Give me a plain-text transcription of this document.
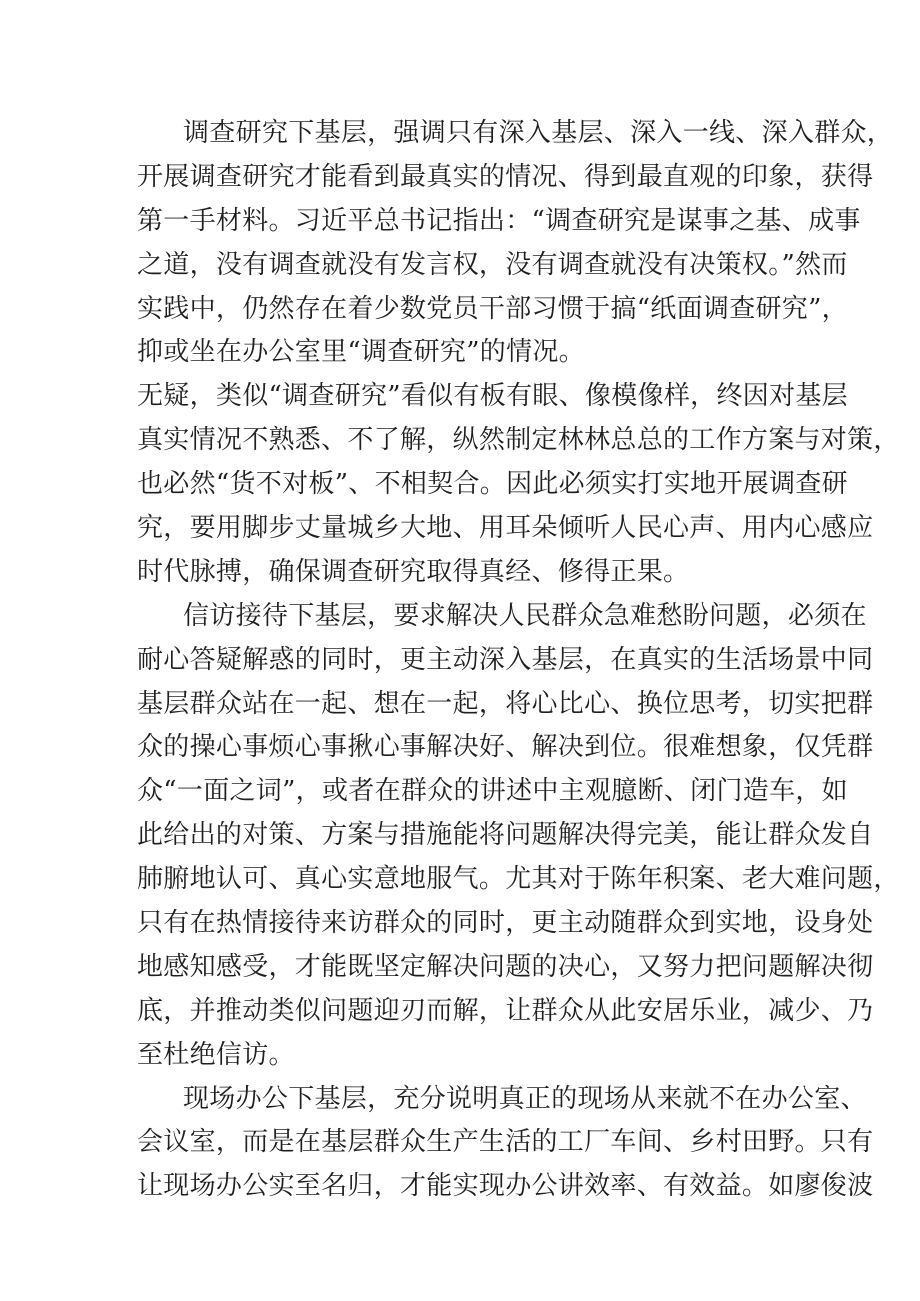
调查研究下基层，强调只有深入基层、深入一线、深入群众，
开展调查研究才能看到最真实的情况、得到最直观的印象，获得
第一手材料。习近平总书记指出：“调查研究是谋事之基、成事
之道，没有调查就没有发言权，没有调查就没有决策权。”然而
实践中，仍然存在着少数党员干部习惯于搞“纸面调查研究”，
抑或坐在办公室里“调查研究”的情况。
无疑，类似“调查研究”看似有板有眼、像模像样，终因对基层
真实情况不熟悉、不了解，纵然制定林林总总的工作方案与对策，
也必然“货不对板”、不相契合。因此必须实打实地开展调查研
究，要用脚步丈量城乡大地、用耳朵倾听人民心声、用内心感应
时代脉搏，确保调查研究取得真经、修得正果。
信访接待下基层，要求解决人民群众急难愁盼问题，必须在
耐心答疑解惑的同时，更主动深入基层，在真实的生活场景中同
基层群众站在一起、想在一起，将心比心、换位思考，切实把群
众的操心事烦心事揪心事解决好、解决到位。很难想象，仅凭群
众“一面之词”，或者在群众的讲述中主观臆断、闭门造车，如
此给出的对策、方案与措施能将问题解决得完美，能让群众发自
肺腑地认可、真心实意地服气。尤其对于陈年积案、老大难问题，
只有在热情接待来访群众的同时，更主动随群众到实地，设身处
地感知感受，才能既坚定解决问题的决心，又努力把问题解决彻
底，并推动类似问题迎刃而解，让群众从此安居乐业，减少、乃
至杜绝信访。
现场办公下基层，充分说明真正的现场从来就不在办公室、
会议室，而是在基层群众生产生活的工厂车间、乡村田野。只有
让现场办公实至名归，才能实现办公讲效率、有效益。如廖俊波
